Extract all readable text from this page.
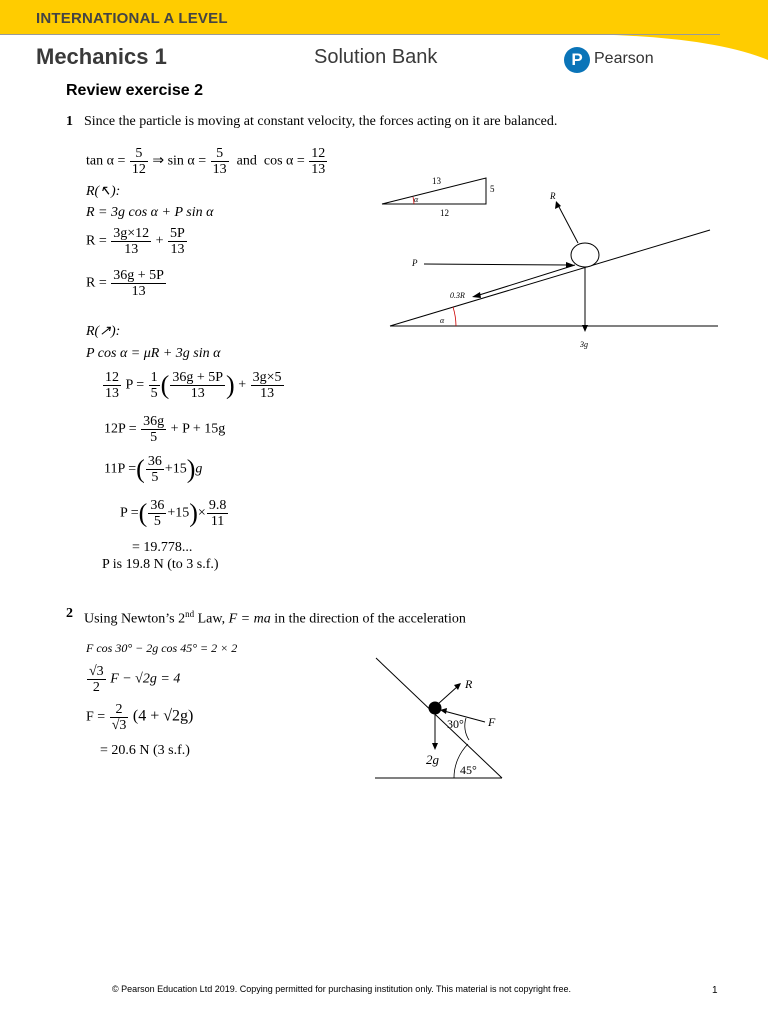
INTERNATIONAL A LEVEL
Mechanics 1	Solution Bank	P Pearson
Review exercise 2
1 Since the particle is moving at constant velocity, the forces acting on it are balanced.
$\tan \alpha = \frac{5}{12}$ ⇒ $\sin \alpha = \frac{5}{13}$ and $\cos \alpha = \frac{12}{13}$
R(↖):
R = 3g cos α + P sin α
$R = \frac{3g\times 12}{13} + \frac{5P}{13}$
$R = \frac{36g + 5P}{13}$
R(↗):
P cos α = μR + 3g sin α
$\frac{12}{13}$ $P = \frac{1}{5}$ ( $\frac{36g + 5P}{13}$ ) + $\frac{3g\times 5}{13}$
$12P = \frac{36g}{5} + P + 15g$
11P =( $\frac{36}{5} +15)g$
P =( $\frac{36}{5} +15)\times \frac{9.8}{11}$
= 19.778...
P is 19.8 N (to 3 s.f.)
13
5
12
α
α
R
P
0.3R
3g
2 Using Newton’s 2nd Law, F = ma in the direction of the acceleration
F cos 30° − 2g cos 45° = 2 × 2
$\frac{√3}{2}$ F − √2g = 4
$F = \frac{2}{√3} (4 + √2g)$
= 20.6 N (3 s.f.)
45°
R
F
30°
2g
© Pearson Education Ltd 2019. Copying permitted for purchasing institution only. This material is not copyright free.	1
